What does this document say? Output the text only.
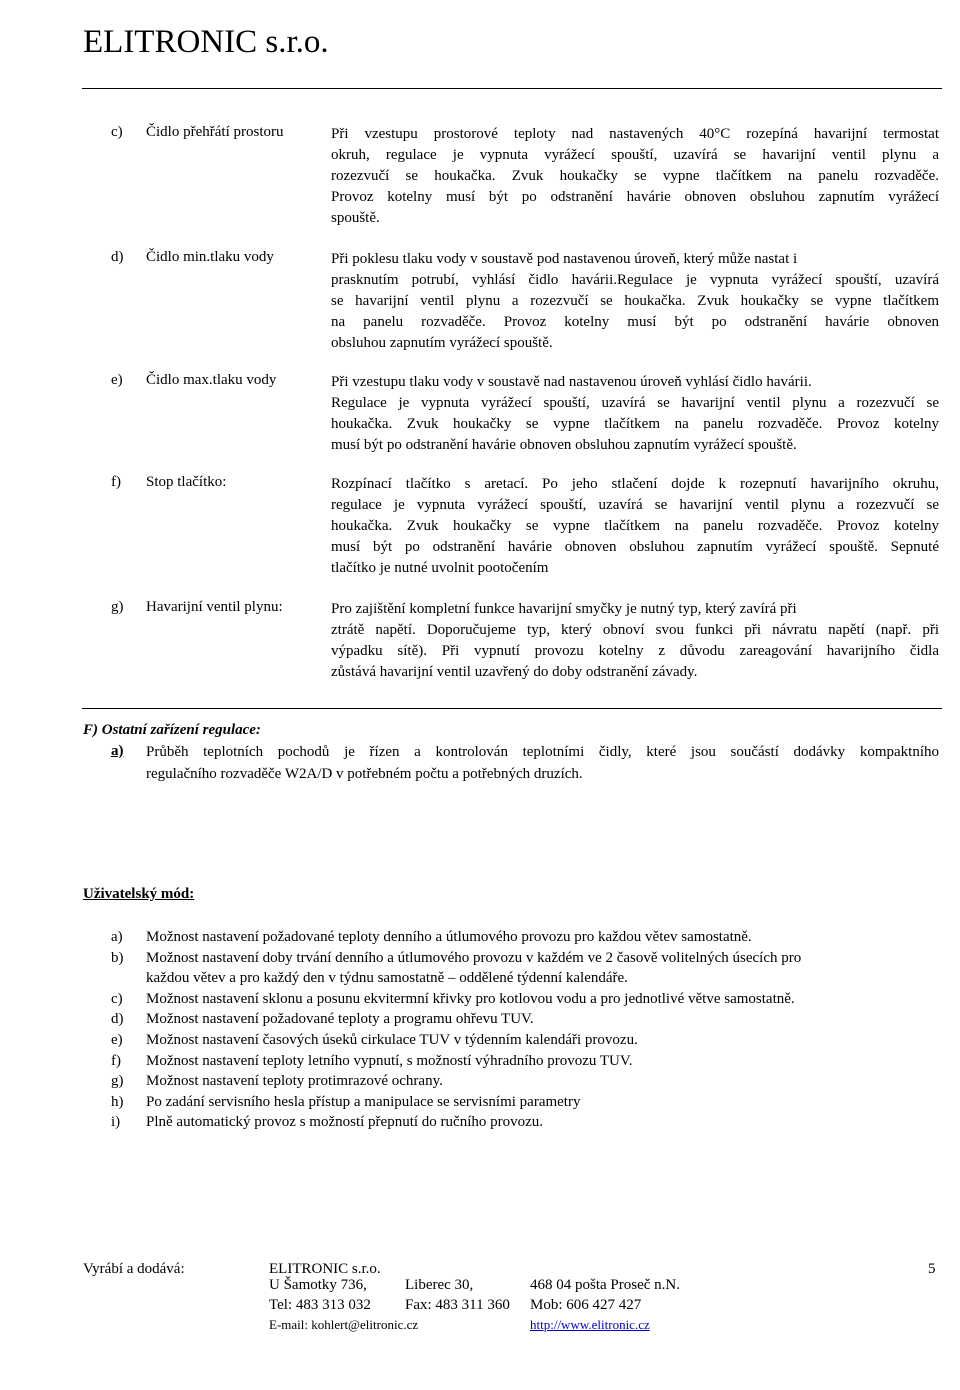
ELITRONIC s.r.o.
c) Čidlo přehřátí prostoru	Při vzestupu prostorové teploty nad nastavených 40°C rozepíná havarijní termostat
okruh, regulace je vypnuta vyrážecí spouští, uzavírá se havarijní ventil plynu a
rozezvučí se houkačka. Zvuk houkačky se vypne tlačítkem na panelu rozvaděče.
Provoz kotelny musí být po odstranění havárie obnoven obsluhou zapnutím vyrážecí
spouště.
d) Čidlo min.tlaku vody	Při poklesu tlaku vody v soustavě pod nastavenou úroveň, který může nastat i
prasknutím potrubí, vyhlásí čidlo havárii.Regulace je vypnuta vyrážecí spouští, uzavírá
se havarijní ventil plynu a rozezvučí se houkačka. Zvuk houkačky se vypne tlačítkem
na panelu rozvaděče. Provoz kotelny musí být po odstranění havárie obnoven
obsluhou zapnutím vyrážecí spouště.
e) Čidlo max.tlaku vody	Při vzestupu tlaku vody v soustavě nad nastavenou úroveň vyhlásí čidlo havárii.
Regulace je vypnuta vyrážecí spouští, uzavírá se havarijní ventil plynu a rozezvučí se
houkačka. Zvuk houkačky se vypne tlačítkem na panelu rozvaděče. Provoz kotelny
musí být po odstranění havárie obnoven obsluhou zapnutím vyrážecí spouště.
f) Stop tlačítko:	Rozpínací tlačítko s aretací. Po jeho stlačení dojde k rozepnutí havarijního okruhu,
regulace je vypnuta vyrážecí spouští, uzavírá se havarijní ventil plynu a rozezvučí se
houkačka. Zvuk houkačky se vypne tlačítkem na panelu rozvaděče. Provoz kotelny
musí být po odstranění havárie obnoven obsluhou zapnutím vyrážecí spouště. Sepnuté
tlačítko je nutné uvolnit pootočením
g) Havarijní ventil plynu:	Pro zajištění kompletní funkce havarijní smyčky je nutný typ, který zavírá při
ztrátě napětí. Doporučujeme typ, který obnoví svou funkci při návratu napětí (např. při
výpadku sítě). Při vypnutí provozu kotelny z důvodu zareagování havarijního čidla
zůstává havarijní ventil uzavřený do doby odstranění závady.
F) Ostatní zařízení regulace:
a) Průběh teplotních pochodů je řízen a kontrolován teplotními čidly, které jsou součástí dodávky kompaktního
regulačního rozvaděče W2A/D v potřebném počtu a potřebných druzích.
Uživatelský mód:
a)	Možnost nastavení požadované teploty denního a útlumového provozu pro každou větev samostatně.
b)	Možnost nastavení doby trvání denního a útlumového provozu v každém ve 2 časově volitelných úsecích pro
každou větev a pro každý den v týdnu samostatně – oddělené týdenní kalendáře.
c)	Možnost nastavení sklonu a posunu ekvitermní křivky pro kotlovou vodu a pro jednotlivé větve samostatně.
d)	Možnost nastavení požadované teploty a programu ohřevu TUV.
e)	Možnost nastavení časových úseků cirkulace TUV v týdenním kalendáři provozu.
f)	Možnost nastavení teploty letního vypnutí, s možností výhradního provozu TUV.
g)	Možnost nastavení teploty protimrazové ochrany.
h)	Po zadání servisního hesla přístup a manipulace se servisními parametry
i)	Plně automatický provoz s možností přepnutí do ručního provozu.
Vyrábí a dodává:	ELITRONIC s.r.o.
U Šamotky 736,	Liberec 30,	468 04 pošta Proseč n.N.
Tel: 483 313 032 Fax: 483 311 360 Mob: 606 427 427
E-mail: kohlert@elitronic.cz	http://www.elitronic.cz
5
